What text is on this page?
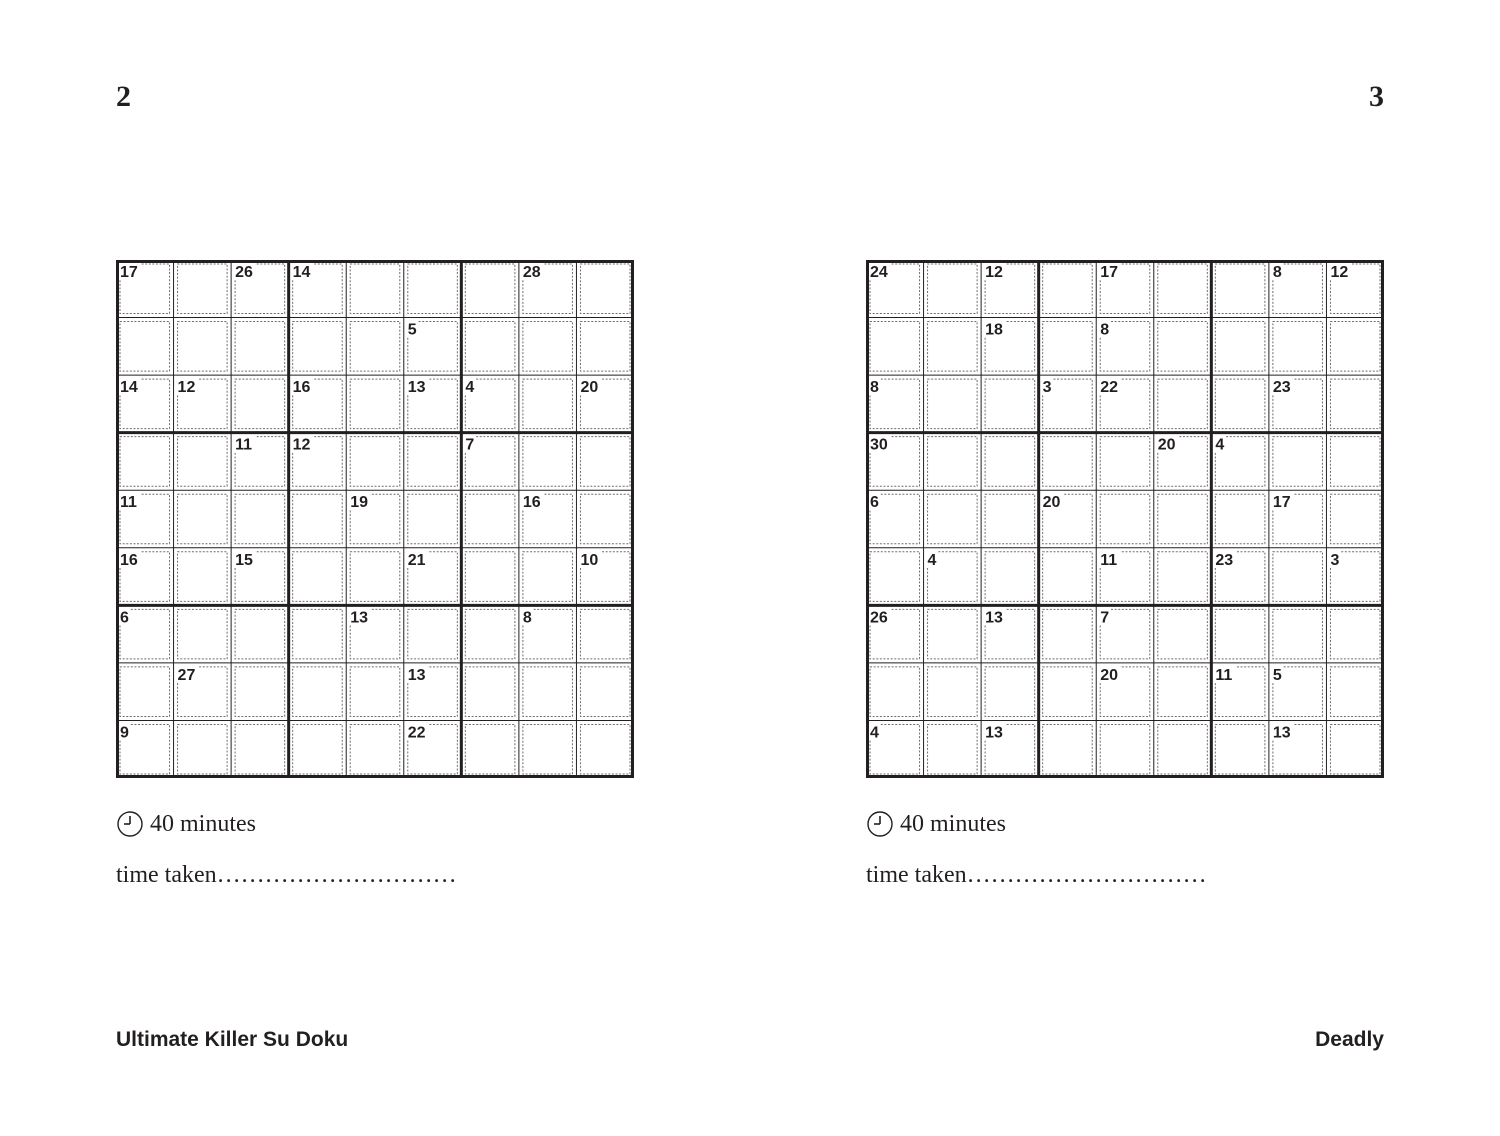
2	3
17	26 14	28
5
14 12	16	13 4	20
11	12	7
11	19	16
16	15	21	10
6	13	8
27	13
9	22
24	12	17	8	12
18	8
8	3	22	23
30	20 4
6	20	17
4	11	23	3
26	13	7
20	11	5
4	13	13
40 minutes	40 minutes
time taken…………………………	time taken…………………………
Ultimate Killer Su Doku	Deadly
